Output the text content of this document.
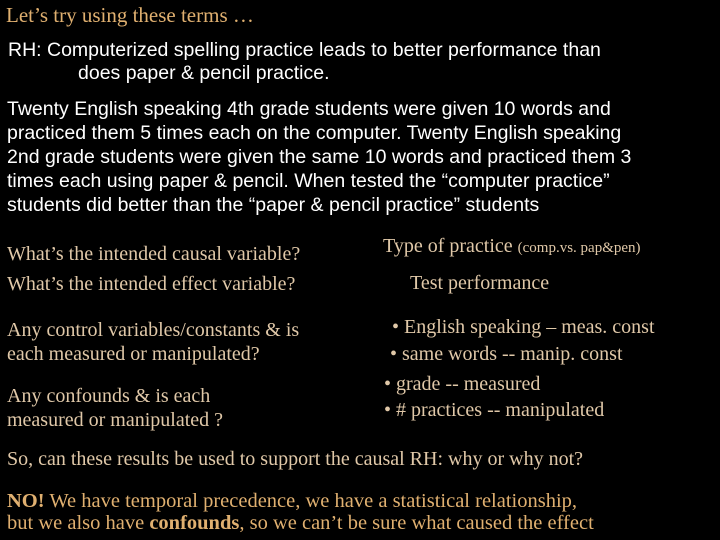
Let’s try using these terms …
RH: Computerized spelling practice leads to better performance than
does paper & pencil practice.
Twenty English speaking 4th grade students were given 10 words and
practiced them 5 times each on the computer. Twenty English speaking
2nd grade students were given the same 10 words and practiced them 3
times each using paper & pencil. When tested the “computer practice”
students did better than the “paper & pencil practice” students
What’s the intended causal variable?	Type of practice (comp.vs. pap&pen)
What’s the intended effect variable?	Test performance
Any control variables/constants & is
each measured or manipulated?
• English speaking – meas. const
• same words -- manip. const
Any confounds & is each
measured or manipulated ?
• grade -- measured
• # practices -- manipulated
So, can these results be used to support the causal RH: why or why not?
NO! We have temporal precedence, we have a statistical relationship,
but we also have confounds, so we can’t be sure what caused the effect
